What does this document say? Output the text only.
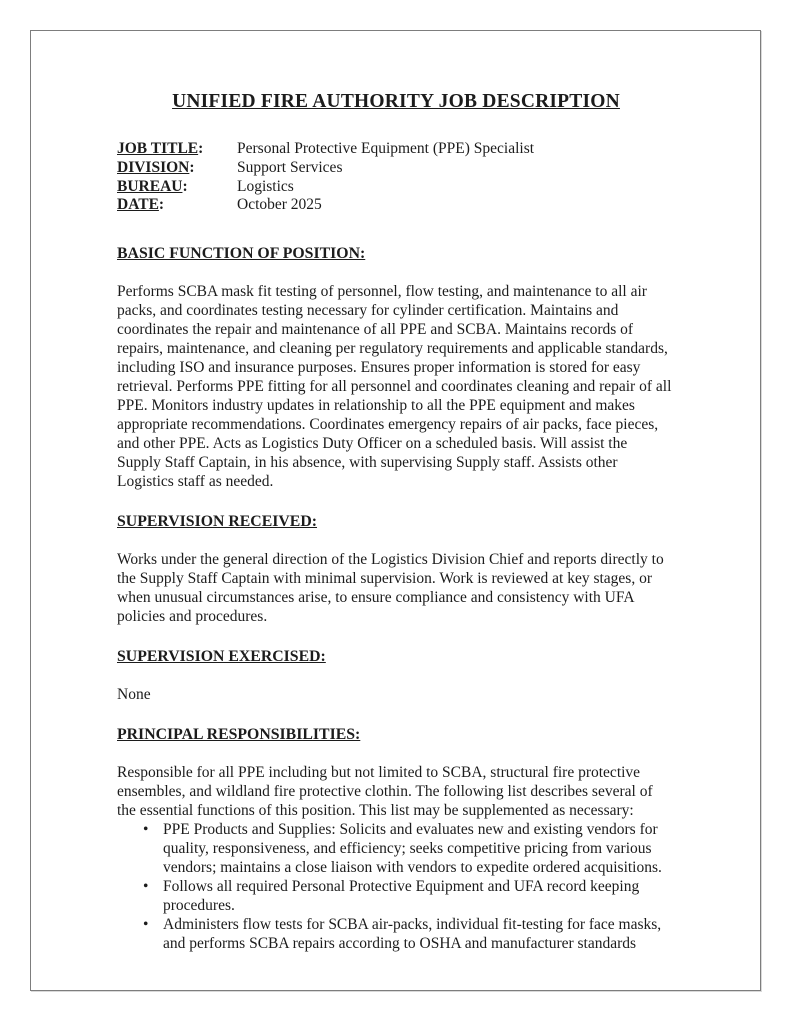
UNIFIED FIRE AUTHORITY JOB DESCRIPTION
JOB TITLE:	Personal Protective Equipment (PPE) Specialist
DIVISION:	Support Services
BUREAU:	Logistics
DATE:	October 2025
BASIC FUNCTION OF POSITION:

Performs SCBA mask fit testing of personnel, flow testing, and maintenance to all air packs, and coordinates testing necessary for cylinder certification. Maintains and coordinates the repair and maintenance of all PPE and SCBA. Maintains records of repairs, maintenance, and cleaning per regulatory requirements and applicable standards, including ISO and insurance purposes. Ensures proper information is stored for easy retrieval. Performs PPE fitting for all personnel and coordinates cleaning and repair of all PPE. Monitors industry updates in relationship to all the PPE equipment and makes appropriate recommendations. Coordinates emergency repairs of air packs, face pieces, and other PPE. Acts as Logistics Duty Officer on a scheduled basis. Will assist the Supply Staff Captain, in his absence, with supervising Supply staff. Assists other Logistics staff as needed.

SUPERVISION RECEIVED:

Works under the general direction of the Logistics Division Chief and reports directly to the Supply Staff Captain with minimal supervision. Work is reviewed at key stages, or when unusual circumstances arise, to ensure compliance and consistency with UFA policies and procedures.

SUPERVISION EXERCISED:

None

PRINCIPAL RESPONSIBILITIES:

Responsible for all PPE including but not limited to SCBA, structural fire protective ensembles, and wildland fire protective clothin. The following list describes several of the essential functions of this position. This list may be supplemented as necessary:

• PPE Products and Supplies: Solicits and evaluates new and existing vendors for quality, responsiveness, and efficiency; seeks competitive pricing from various vendors; maintains a close liaison with vendors to expedite ordered acquisitions.
• Follows all required Personal Protective Equipment and UFA record keeping procedures.
• Administers flow tests for SCBA air-packs, individual fit-testing for face masks, and performs SCBA repairs according to OSHA and manufacturer standards
